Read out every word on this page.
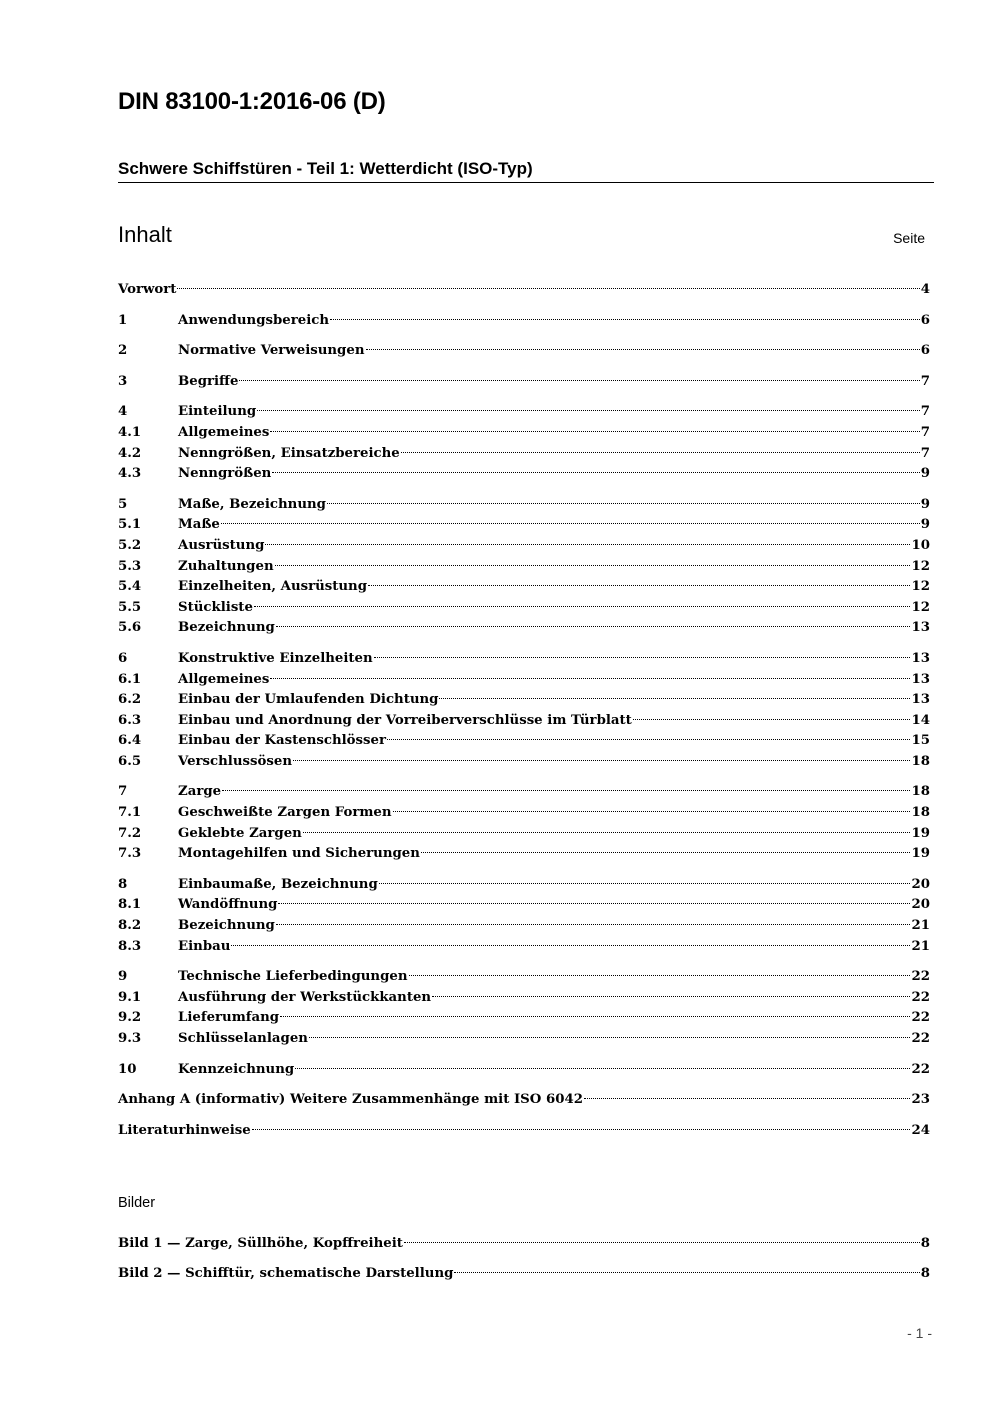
DIN 83100-1:2016-06 (D)
Schwere Schiffstüren - Teil 1: Wetterdicht (ISO-Typ)
Inhalt	Seite
Vorwort	4
1	Anwendungsbereich	6
2	Normative Verweisungen	6
3	Begriffe	7
4	Einteilung	7
4.1	Allgemeines	7
4.2	Nenngrößen, Einsatzbereiche	7
4.3	Nenngrößen	9
5	Maße, Bezeichnung	9
5.1	Maße	9
5.2	Ausrüstung	10
5.3	Zuhaltungen	12
5.4	Einzelheiten, Ausrüstung	12
5.5	Stückliste	12
5.6	Bezeichnung	13
6	Konstruktive Einzelheiten	13
6.1	Allgemeines	13
6.2	Einbau der Umlaufenden Dichtung	13
6.3	Einbau und Anordnung der Vorreiberverschlüsse im Türblatt	14
6.4	Einbau der Kastenschlösser	15
6.5	Verschlussösen	18
7	Zarge	18
7.1	Geschweißte Zargen Formen	18
7.2	Geklebte Zargen	19
7.3	Montagehilfen und Sicherungen	19
8	Einbaumaße, Bezeichnung	20
8.1	Wandöffnung	20
8.2	Bezeichnung	21
8.3	Einbau	21
9	Technische Lieferbedingungen	22
9.1	Ausführung der Werkstückkanten	22
9.2	Lieferumfang	22
9.3	Schlüsselanlagen	22
10	Kennzeichnung	22
Anhang A (informativ) Weitere Zusammenhänge mit ISO 6042	23
Literaturhinweise	24
Bilder
Bild 1 — Zarge, Süllhöhe, Kopffreiheit	8
Bild 2 — Schifftür, schematische Darstellung	8
- 1 -
